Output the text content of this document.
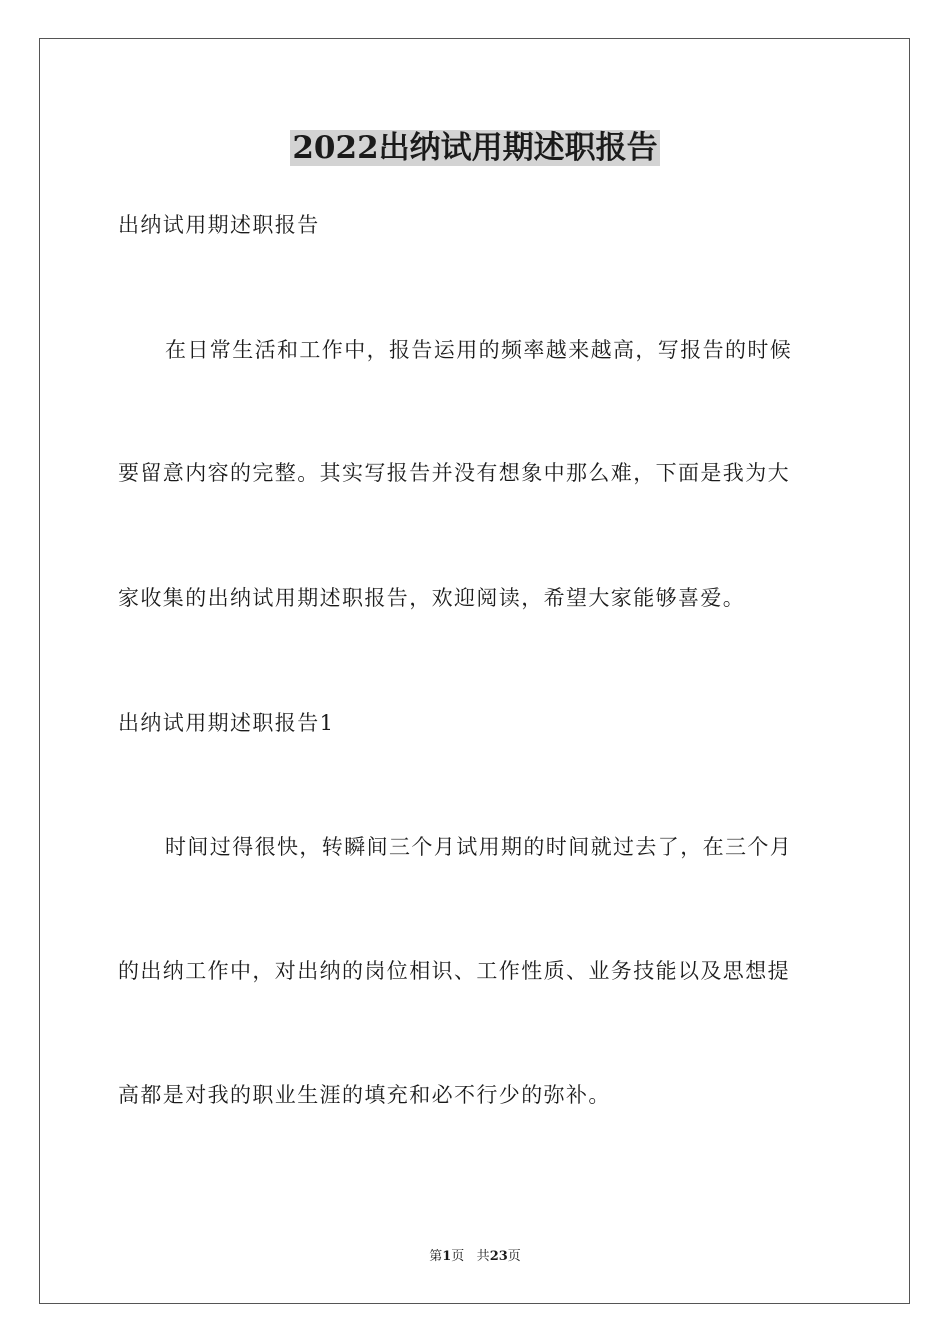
2022出纳试用期述职报告

出纳试用期述职报告

在日常生活和工作中，报告运用的频率越来越高，写报告的时候

要留意内容的完整。其实写报告并没有想象中那么难，下面是我为大

家收集的出纳试用期述职报告，欢迎阅读，希望大家能够喜爱。

出纳试用期述职报告1

时间过得很快，转瞬间三个月试用期的时间就过去了，在三个月

的出纳工作中，对出纳的岗位相识、工作性质、业务技能以及思想提

高都是对我的职业生涯的填充和必不行少的弥补。

第1页 共23页
